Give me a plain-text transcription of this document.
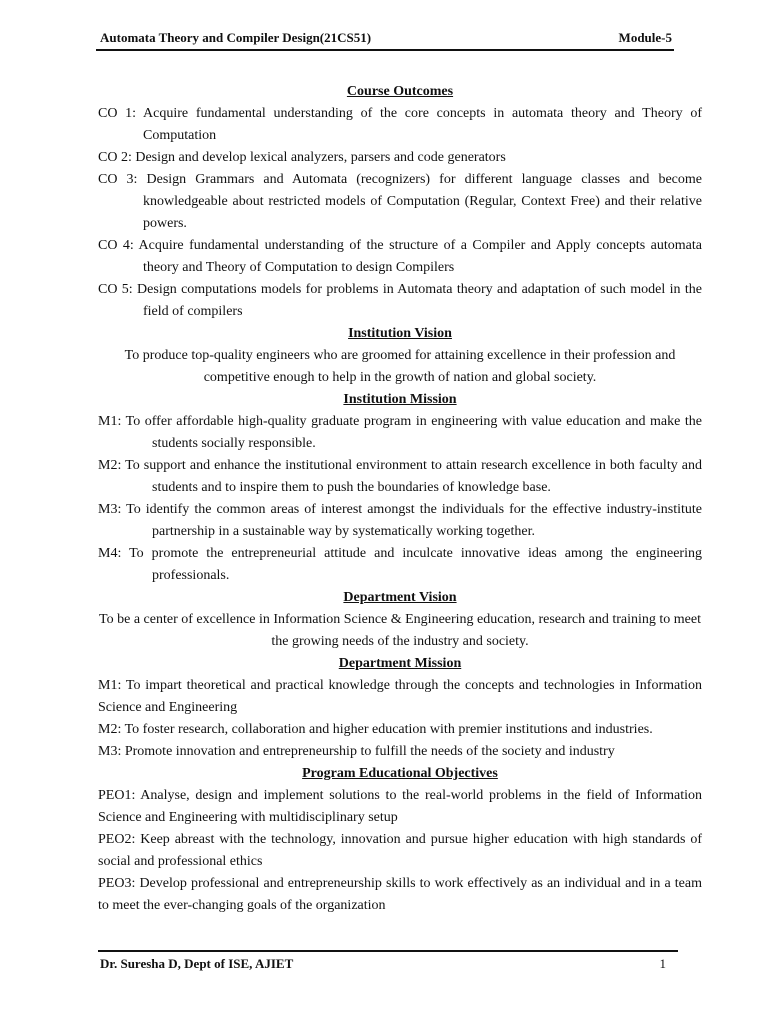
Automata Theory and Compiler Design(21CS51)	Module-5
Course Outcomes
CO 1: Acquire fundamental understanding of the core concepts in automata theory and Theory of Computation
CO 2: Design and develop lexical analyzers, parsers and code generators
CO 3: Design Grammars and Automata (recognizers) for different language classes and become knowledgeable about restricted models of Computation (Regular, Context Free) and their relative powers.
CO 4: Acquire fundamental understanding of the structure of a Compiler and Apply concepts automata theory and Theory of Computation to design Compilers
CO 5: Design computations models for problems in Automata theory and adaptation of such model in the field of compilers
Institution Vision
To produce top-quality engineers who are groomed for attaining excellence in their profession and competitive enough to help in the growth of nation and global society.
Institution Mission
M1: To offer affordable high-quality graduate program in engineering with value education and make the students socially responsible.
M2: To support and enhance the institutional environment to attain research excellence in both faculty and students and to inspire them to push the boundaries of knowledge base.
M3: To identify the common areas of interest amongst the individuals for the effective industry-institute partnership in a sustainable way by systematically working together.
M4: To promote the entrepreneurial attitude and inculcate innovative ideas among the engineering professionals.
Department Vision
To be a center of excellence in Information Science & Engineering education, research and training to meet the growing needs of the industry and society.
Department Mission
M1: To impart theoretical and practical knowledge through the concepts and technologies in Information Science and Engineering
M2: To foster research, collaboration and higher education with premier institutions and industries.
M3: Promote innovation and entrepreneurship to fulfill the needs of the society and industry
Program Educational Objectives
PEO1: Analyse, design and implement solutions to the real-world problems in the field of Information Science and Engineering with multidisciplinary setup
PEO2: Keep abreast with the technology, innovation and pursue higher education with high standards of social and professional ethics
PEO3: Develop professional and entrepreneurship skills to work effectively as an individual and in a team to meet the ever-changing goals of the organization
Dr. Suresha D, Dept of ISE, AJIET	1
